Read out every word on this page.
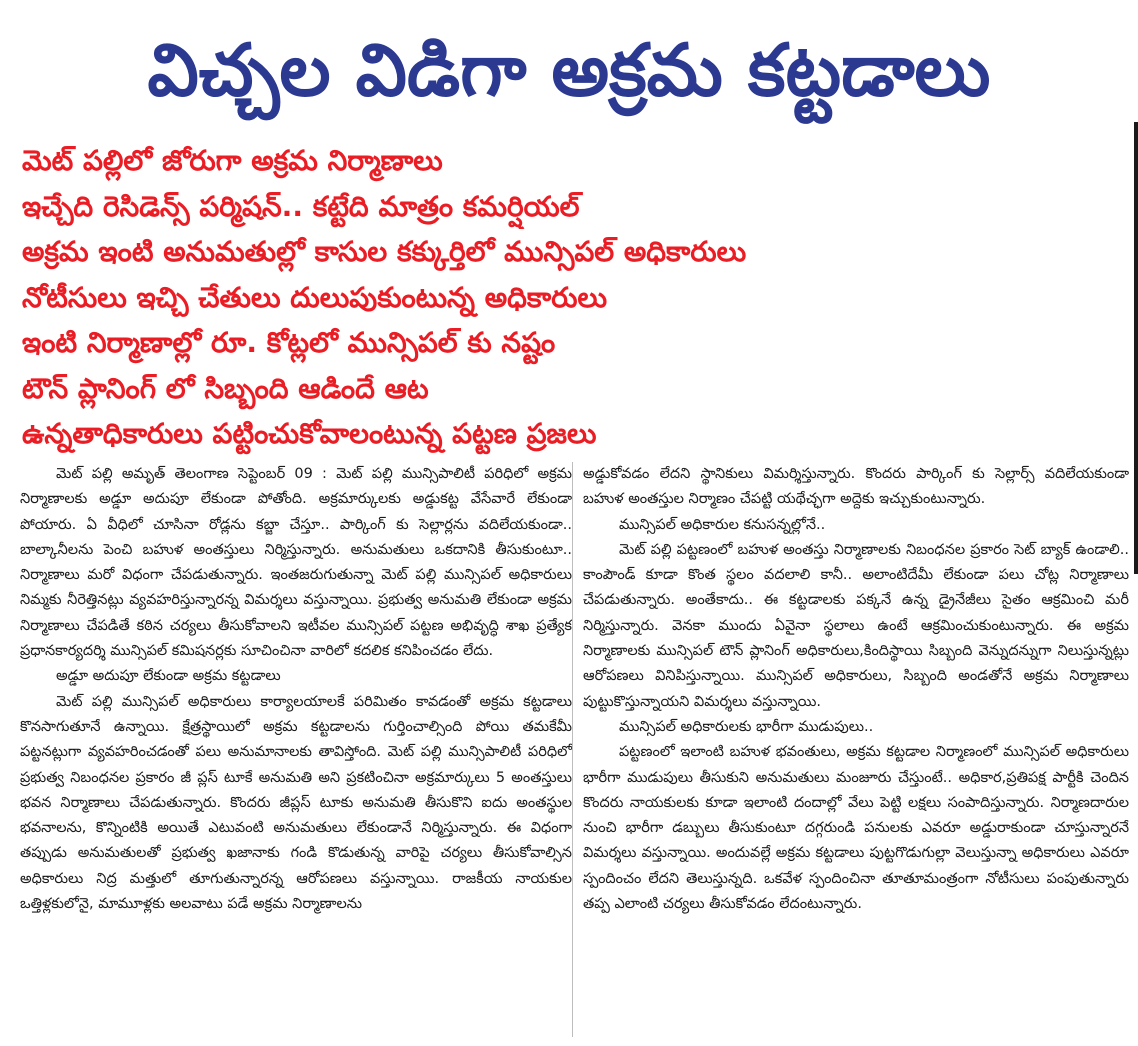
విచ్చల విడిగా అక్రమ కట్టడాలు
మెట్ పల్లిలో జోరుగా అక్రమ నిర్మాణాలు
ఇచ్చేది రెసిడెన్స్ పర్మిషన్.. కట్టేది మాత్రం కమర్షియల్
అక్రమ ఇంటి అనుమతుల్లో కాసుల కక్కుర్తిలో మున్సిపల్ అధికారులు
నోటీసులు ఇచ్చి చేతులు దులుపుకుంటున్న అధికారులు
ఇంటి నిర్మాణాల్లో రూ. కోట్లలో మున్సిపల్ కు నష్టం
టౌన్ ప్లానింగ్ లో సిబ్బంది ఆడిందే ఆట
ఉన్నతాధికారులు పట్టించుకోవాలంటున్న పట్టణ ప్రజలు

మెట్ పల్లి అమృత్ తెలంగాణ సెప్టెంబర్ 09 : మెట్ పల్లి మున్సిపాలిటీ పరిధిలో అక్రమ నిర్మాణాలకు అడ్డూ అదుపూ లేకుండా పోతోంది. అక్రమార్కులకు అడ్డుకట్ట వేసేవారే లేకుండా పోయారు. ఏ వీధిలో చూసినా రోడ్లను కబ్జా చేస్తూ.. పార్కింగ్ కు సెల్లార్లను వదిలేయకుండా.. బాల్కానీలను పెంచి బహుళ అంతస్తులు నిర్మిస్తున్నారు. అనుమతులు ఒకదానికి తీసుకుంటూ.. నిర్మాణాలు మరో విధంగా చేపడుతున్నారు. ఇంతజరుగుతున్నా మెట్ పల్లి మున్సిపల్ అధికారులు నిమ్మకు నీరెత్తినట్లు వ్యవహరిస్తున్నారన్న విమర్శలు వస్తున్నాయి. ప్రభుత్వ అనుమతి లేకుండా అక్రమ నిర్మాణాలు చేపడితే కఠిన చర్యలు తీసుకోవాలని ఇటీవల మున్సిపల్ పట్టణ అభివృద్ధి శాఖ ప్రత్యేక ప్రధానకార్యదర్శి మున్సిపల్ కమిషనర్లకు సూచించినా వారిలో కదలిక కనిపించడం లేదు.

అడ్డూ అదుపూ లేకుండా అక్రమ కట్టడాలు

మెట్ పల్లి మున్సిపల్ అధికారులు కార్యాలయాలకే పరిమితం కావడంతో అక్రమ కట్టడాలు కొనసాగుతూనే ఉన్నాయి. క్షేత్రస్థాయిలో అక్రమ కట్టడాలను గుర్తించాల్సింది పోయి తమకేమీ పట్టనట్లుగా వ్యవహరించడంతో పలు అనుమానాలకు తావిస్తోంది. మెట్ పల్లి మున్సిపాలిటీ పరిధిలో ప్రభుత్వ నిబంధనల ప్రకారం జీ ప్లస్ టూకే అనుమతి అని ప్రకటించినా అక్రమార్కులు 5 అంతస్తులు భవన నిర్మాణాలు చేపడుతున్నారు. కొందరు జీప్లస్ టూకు అనుమతి తీసుకొని ఐదు అంతస్థుల భవనాలను, కొన్నింటికి అయితే ఎటువంటి అనుమతులు లేకుండానే నిర్మిస్తున్నారు. ఈ విధంగా తప్పుడు అనుమతులతో ప్రభుత్వ ఖజానాకు గండి కొడుతున్న వారిపై చర్యలు తీసుకోవాల్సిన అధికారులు నిద్ర మత్తులో తూగుతున్నారన్న ఆరోపణలు వస్తున్నాయి. రాజకీయ నాయకుల ఒత్తిళ్లకులోనై, మామూళ్లకు అలవాటు పడే అక్రమ నిర్మాణాలను

అడ్డుకోవడం లేదని స్థానికులు విమర్శిస్తున్నారు. కొందరు పార్కింగ్ కు సెల్లార్స్ వదిలేయకుండా బహుళ అంతస్తుల నిర్మాణం చేపట్టి యథేచ్ఛగా అద్దెకు ఇచ్చుకుంటున్నారు.

మున్సిపల్ అధికారుల కనుసన్నల్లోనే..

మెట్ పల్లి పట్టణంలో బహుళ అంతస్తు నిర్మాణాలకు నిబంధనల ప్రకారం సెట్ బ్యాక్ ఉండాలి.. కాంపౌండ్ కూడా కొంత స్థలం వదలాలి కానీ.. అలాంటిదేమీ లేకుండా పలు చోట్ల నిర్మాణాలు చేపడుతున్నారు. అంతేకాదు.. ఈ కట్టడాలకు పక్కనే ఉన్న డ్రైనేజీలు సైతం ఆక్రమించి మరీ నిర్మిస్తున్నారు. వెనకా ముందు ఏవైనా స్థలాలు ఉంటే ఆక్రమించుకుంటున్నారు. ఈ అక్రమ నిర్మాణాలకు మున్సిపల్ టౌన్ ప్లానింగ్ అధికారులు,కిందిస్థాయి సిబ్బంది వెన్నుదన్నుగా నిలుస్తున్నట్లు ఆరోపణలు వినిపిస్తున్నాయి. మున్సిపల్ అధికారులు, సిబ్బంది అండతోనే అక్రమ నిర్మాణాలు పుట్టుకొస్తున్నాయని విమర్శలు వస్తున్నాయి.

మున్సిపల్ అధికారులకు భారీగా ముడుపులు..

పట్టణంలో ఇలాంటి బహుళ భవంతులు, అక్రమ కట్టడాల నిర్మాణంలో మున్సిపల్ అధికారులు భారీగా ముడుపులు తీసుకుని అనుమతులు మంజూరు చేస్తుంటే.. అధికార,ప్రతిపక్ష పార్టీకి చెందిన కొందరు నాయకులకు కూడా ఇలాంటి దందాల్లో వేలు పెట్టి లక్షలు సంపాదిస్తున్నారు. నిర్మాణదారుల నుంచి భారీగా డబ్బులు తీసుకుంటూ దగ్గరుండి పనులకు ఎవరూ అడ్డురాకుండా చూస్తున్నారనే విమర్శలు వస్తున్నాయి. అందువల్లే అక్రమ కట్టడాలు పుట్టగొడుగుల్లా వెలుస్తున్నా అధికారులు ఎవరూ స్పందించం లేదని తెలుస్తున్నది. ఒకవేళ స్పందించినా తూతూమంత్రంగా నోటీసులు పంపుతున్నారు తప్ప ఎలాంటి చర్యలు తీసుకోవడం లేదంటున్నారు.
